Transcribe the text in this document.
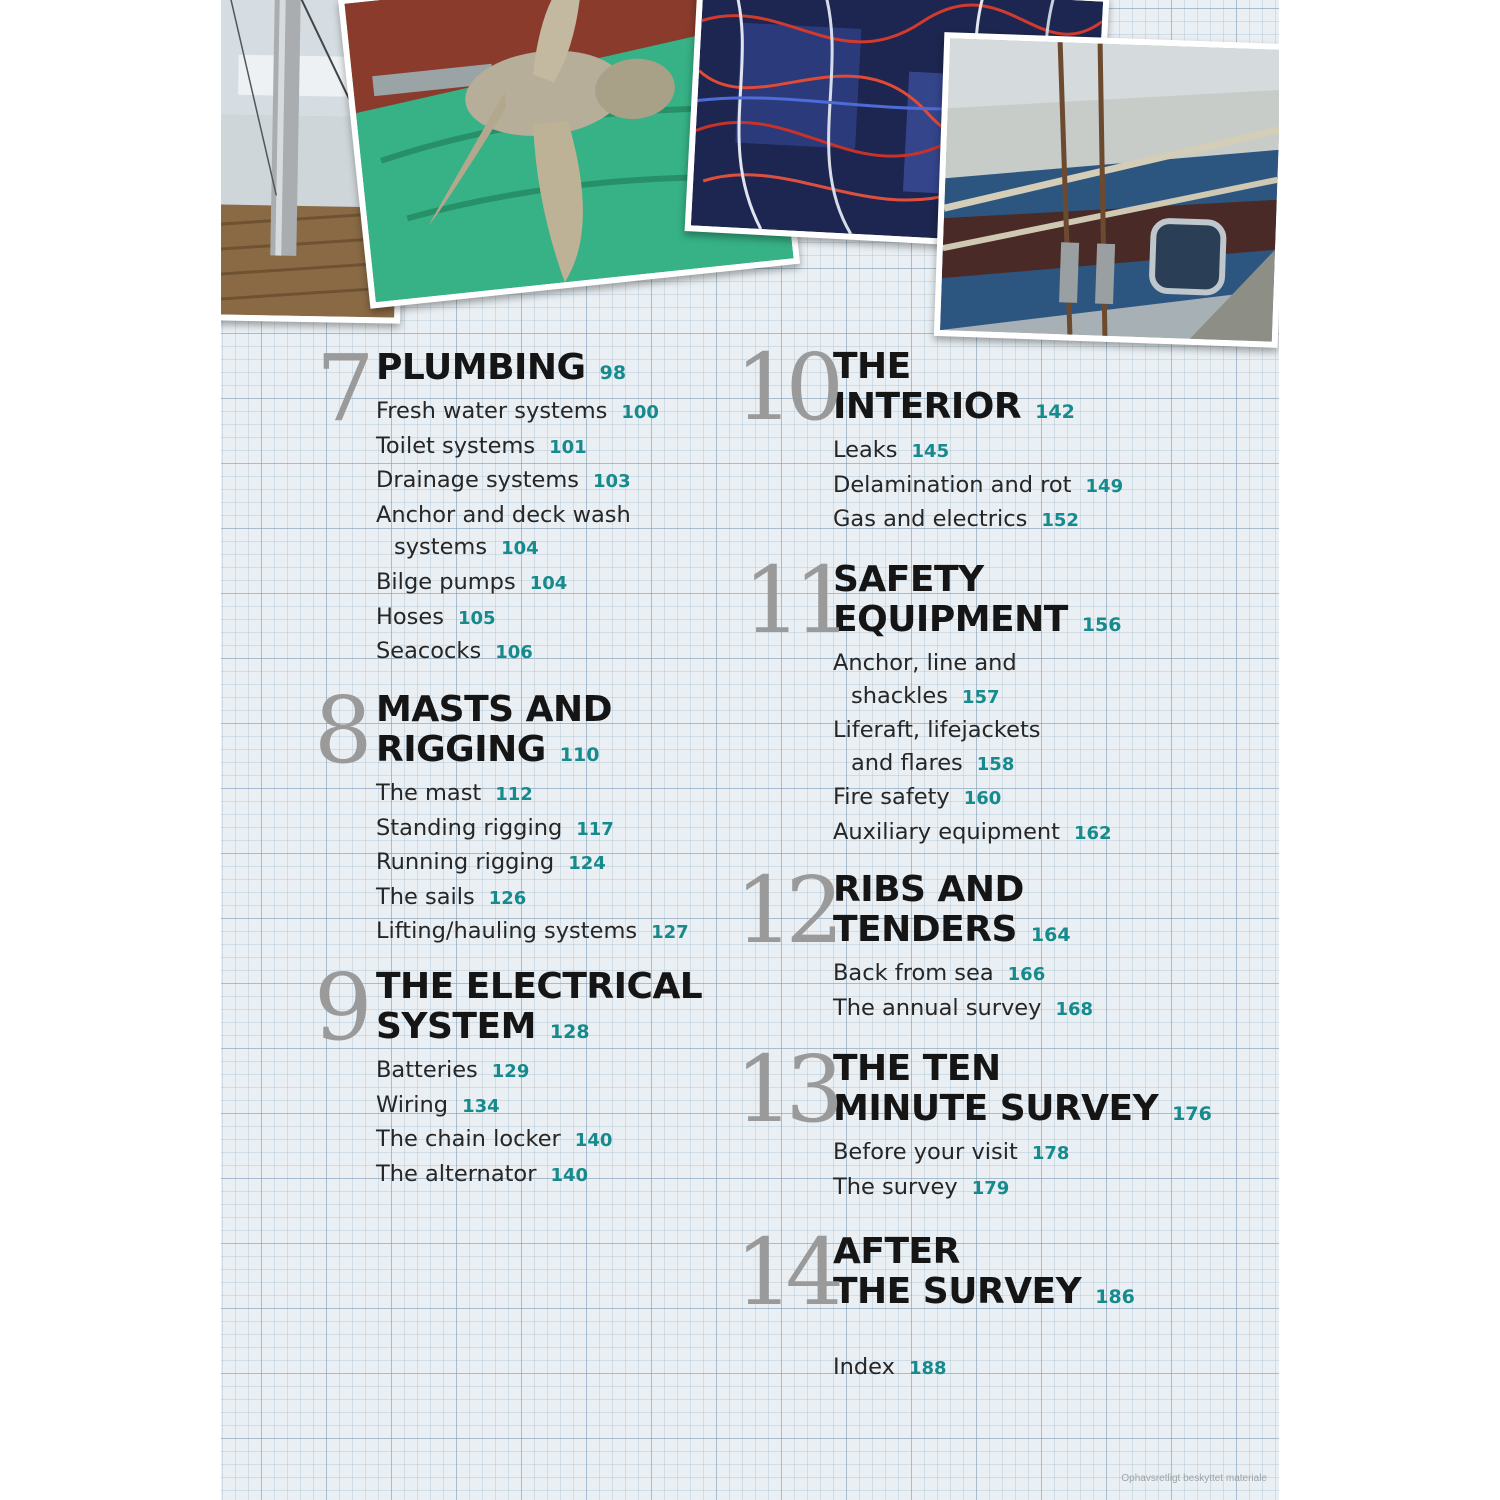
7 PLUMBING 98
Fresh water systems 100
Toilet systems 101
Drainage systems 103
Anchor and deck wash
systems 104
Bilge pumps 104
Hoses 105
Seacocks 106
8 MASTS AND
RIGGING 110
The mast 112
Standing rigging 117
Running rigging 124
The sails 126
Lifting/hauling systems 127
9 THE ELECTRICAL
SYSTEM 128
Batteries 129
Wiring 134
The chain locker 140
The alternator 140
10
THE
INTERIOR 142
Leaks 145
Delamination and rot 149
Gas and electrics 152
11
SAFETY
EQUIPMENT 156
Anchor, line and
shackles 157
Liferaft, lifejackets
and flares 158
Fire safety 160
Auxiliary equipment 162
12
RIBS AND
TENDERS 164
Back from sea 166
The annual survey 168
13
THE TEN
MINUTE SURVEY 176
Before your visit 178
The survey 179
14
AFTER
THE SURVEY 186
Index 188
Ophavsretligt beskyttet materiale
